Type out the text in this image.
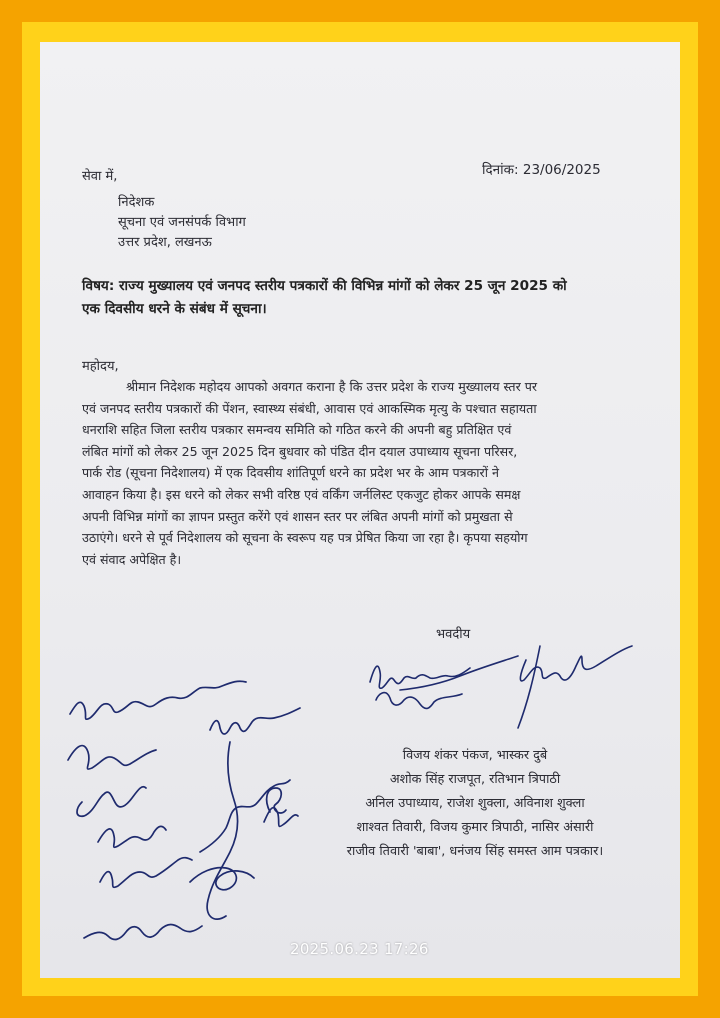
दिनांक: 23/06/2025
सेवा में,
निदेशक
सूचना एवं जनसंपर्क विभाग
उत्तर प्रदेश, लखनऊ
विषय: राज्य मुख्यालय एवं जनपद स्तरीय पत्रकारों की विभिन्न मांगों को लेकर 25 जून 2025 को
एक दिवसीय धरने के संबंध में सूचना।
महोदय,
श्रीमान निदेशक महोदय आपको अवगत कराना है कि उत्तर प्रदेश के राज्य मुख्यालय स्तर पर
एवं जनपद स्तरीय पत्रकारों की पेंशन, स्वास्थ्य संबंधी, आवास एवं आकस्मिक मृत्यु के पश्चात सहायता
धनराशि सहित जिला स्तरीय पत्रकार समन्वय समिति को गठित करने की अपनी बहु प्रतिक्षित एवं
लंबित मांगों को लेकर 25 जून 2025 दिन बुधवार को पंडित दीन दयाल उपाध्याय सूचना परिसर,
पार्क रोड (सूचना निदेशालय) में एक दिवसीय शांतिपूर्ण धरने का प्रदेश भर के आम पत्रकारों ने
आवाहन किया है। इस धरने को लेकर सभी वरिष्ठ एवं वर्किंग जर्नलिस्ट एकजुट होकर आपके समक्ष
अपनी विभिन्न मांगों का ज्ञापन प्रस्तुत करेंगे एवं शासन स्तर पर लंबित अपनी मांगों को प्रमुखता से
उठाएंगे। धरने से पूर्व निदेशालय को सूचना के स्वरूप यह पत्र प्रेषित किया जा रहा है। कृपया सहयोग
एवं संवाद अपेक्षित है।
भवदीय
विजय शंकर पंकज, भास्कर दुबे
अशोक सिंह राजपूत, रतिभान त्रिपाठी
अनिल उपाध्याय, राजेश शुक्ला, अविनाश शुक्ला
शाश्वत तिवारी, विजय कुमार त्रिपाठी, नासिर अंसारी
राजीव तिवारी 'बाबा', धनंजय सिंह समस्त आम पत्रकार।
2025.06.23 17:26
